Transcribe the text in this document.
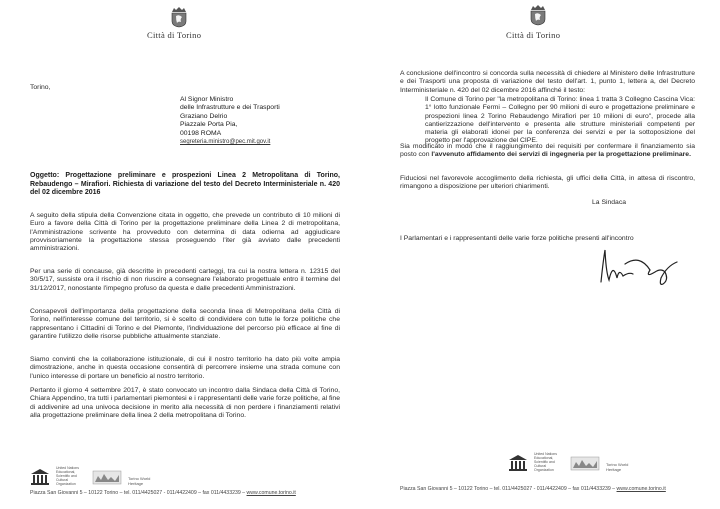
Città di Torino
Torino,
Al Signor Ministro
delle Infrastrutture e dei Trasporti
Graziano Delrio
Piazzale Porta Pia,
00198 ROMA
segreteria.ministro@pec.mit.gov.it
Oggetto: Progettazione preliminare e prospezioni Linea 2 Metropolitana di Torino, Rebaudengo – Mirafiori. Richiesta di variazione del testo del Decreto Interministeriale n. 420 del 02 dicembre 2016
A seguito della stipula della Convenzione citata in oggetto, che prevede un contributo di 10 milioni di Euro a favore della Città di Torino per la progettazione preliminare della Linea 2 di metropolitana, l'Amministrazione scrivente ha provveduto con determina di data odierna ad aggiudicare provvisoriamente la progettazione stessa proseguendo l'iter già avviato dalle precedenti amministrazioni.
Per una serie di concause, già descritte in precedenti carteggi, tra cui la nostra lettera n. 12315 del 30/5/17, sussiste ora il rischio di non riuscire a consegnare l'elaborato progettuale entro il termine del 31/12/2017, nonostante l'impegno profuso da questa e dalle precedenti Amministrazioni.
Consapevoli dell'importanza della progettazione della seconda linea di Metropolitana della Città di Torino, nell'interesse comune del territorio, si è scelto di condividere con tutte le forze politiche che rappresentano i Cittadini di Torino e del Piemonte, l'individuazione del percorso più efficace al fine di garantire l'utilizzo delle risorse pubbliche attualmente stanziate.
Siamo convinti che la collaborazione istituzionale, di cui il nostro territorio ha dato più volte ampia dimostrazione, anche in questa occasione consentirà di percorrere insieme una strada comune con l'unico interesse di portare un beneficio al nostro territorio.
Pertanto il giorno 4 settembre 2017, è stato convocato un incontro dalla Sindaca della Città di Torino, Chiara Appendino, tra tutti i parlamentari piemontesi e i rappresentanti delle varie forze politiche, al fine di addivenire ad una univoca decisione in merito alla necessità di non perdere i finanziamenti relativi alla progettazione preliminare della linea 2 della metropolitana di Torino.
United Nations Educational, Scientific and Cultural Organization
Torino World Heritage
Piazza San Giovanni 5 – 10122 Torino – tel. 011/4425027 - 011/4422409 – fax 011/4433239 – www.comune.torino.it
Città di Torino
A conclusione dell'incontro si concorda sulla necessità di chiedere al Ministero delle Infrastrutture e dei Trasporti una proposta di variazione del testo dell'art. 1, punto 1, lettera a, del Decreto Interministeriale n. 420 del 02 dicembre 2016 affinché il testo:
Il Comune di Torino per "la metropolitana di Torino: linea 1 tratta 3 Collegno Cascina Vica: 1° lotto funzionale Fermi – Collegno per 90 milioni di euro e progettazione preliminare e prospezioni linea 2 Torino Rebaudengo Mirafiori per 10 milioni di euro", procede alla cantierizzazione dell'intervento e presenta alle strutture ministeriali competenti per materia gli elaborati idonei per la conferenza dei servizi e per la sottoposizione del progetto per l'approvazione del CIPE.
Sia modificato in modo che il raggiungimento dei requisiti per confermare il finanziamento sia posto con l'avvenuto affidamento dei servizi di ingegneria per la progettazione preliminare.
Fiduciosi nel favorevole accoglimento della richiesta, gli uffici della Città, in attesa di riscontro, rimangono a disposizione per ulteriori chiarimenti.
La Sindaca
I Parlamentari e i rappresentanti delle varie forze politiche presenti all'incontro
United Nations Educational, Scientific and Cultural Organization
Torino World Heritage
Piazza San Giovanni 5 – 10122 Torino – tel. 011/4425027 - 011/4422409 – fax 011/4433239 – www.comune.torino.it
